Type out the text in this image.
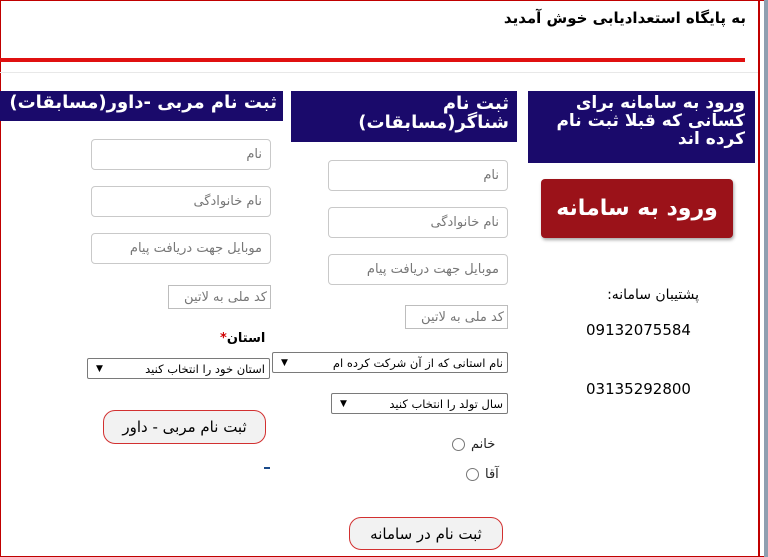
به پایگاه استعدادیابی خوش آمدید
ورود به سامانه برای کسانی که قبلا ثبت نام کرده اند
ورود به سامانه
پشتیبان سامانه:
09132075584
03135292800
ثبت نام شناگر(مسابقات)
نام
نام خانوادگی
موبایل جهت دریافت پیام
کد ملی به لاتین
▼	نام استانی که از آن شرکت کرده ام
▼	سال تولد را انتخاب کنید
خانم
آقا
ثبت نام در سامانه
ثبت نام مربی -داور(مسابقات)
نام
نام خانوادگی
موبایل جهت دریافت پیام
کد ملی به لاتین
استان*
▼	استان خود را انتخاب کنید
ثبت نام مربی - داور
